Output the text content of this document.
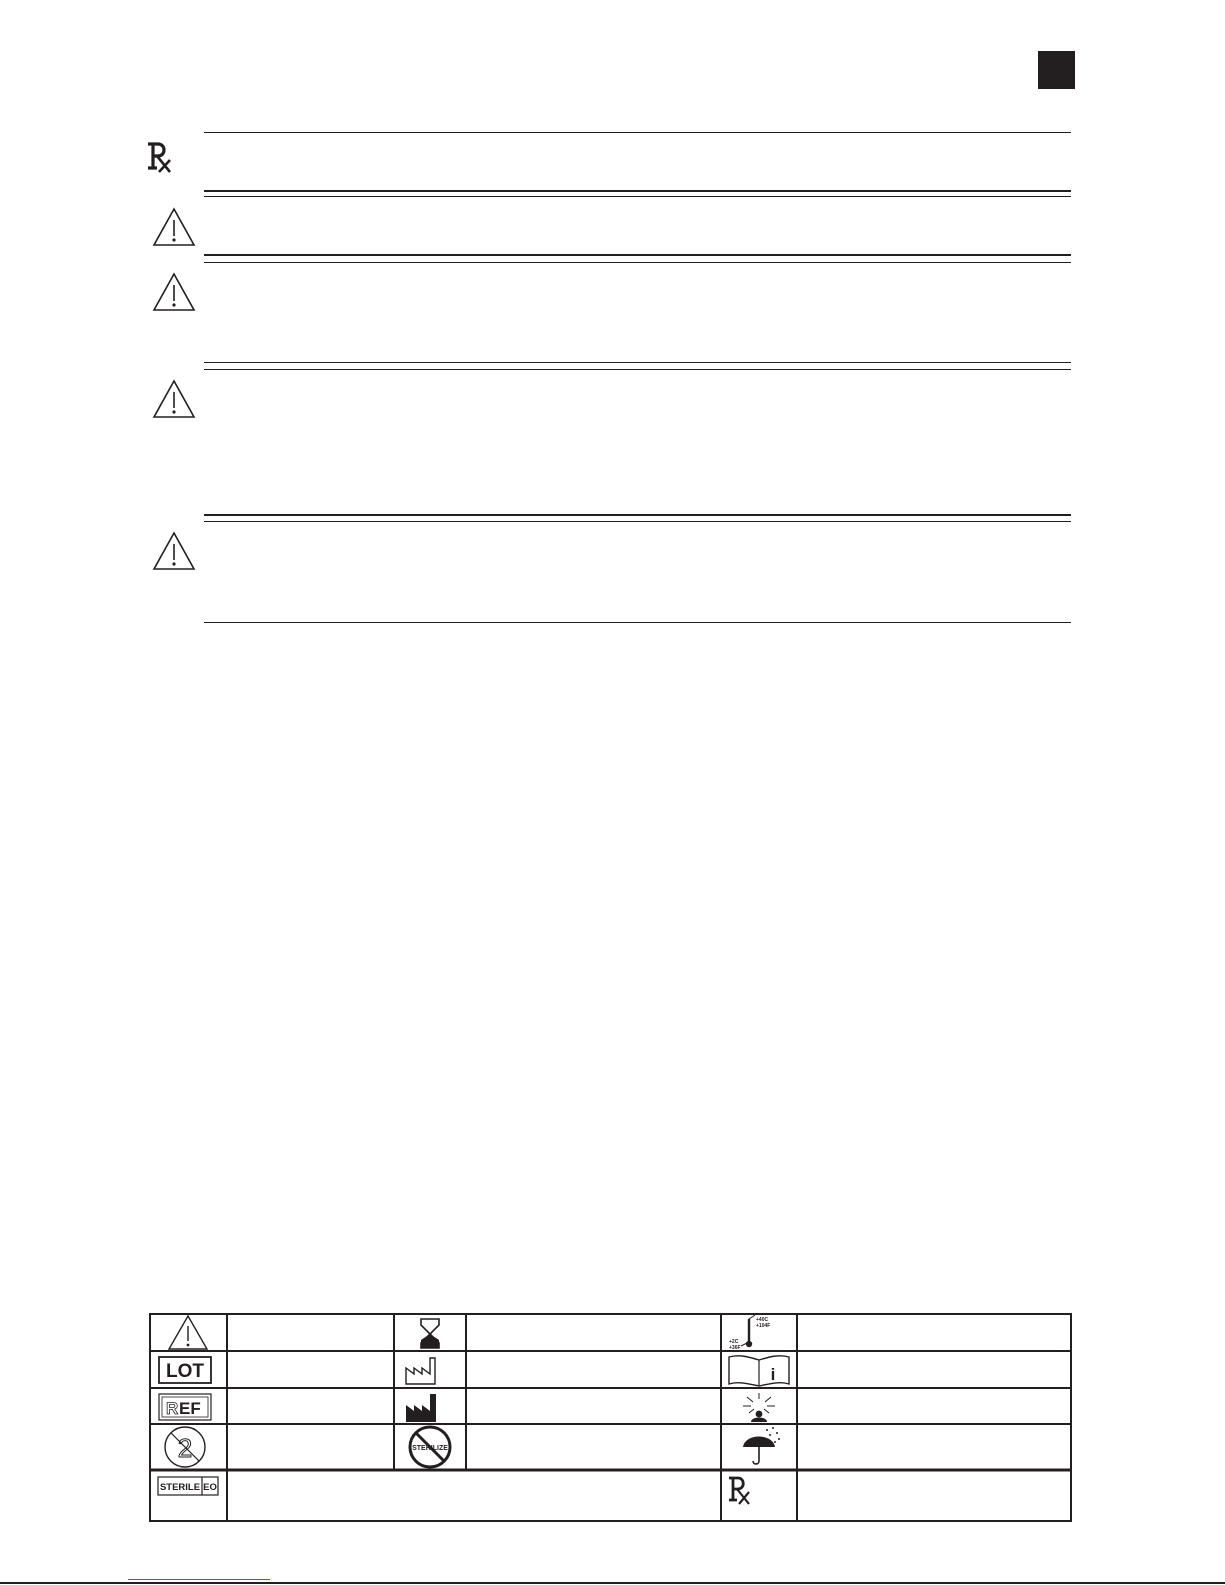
+40C
+104F
+2C
+36F
LOT	i
R EF
2	STERILIZE
STERILE EO
